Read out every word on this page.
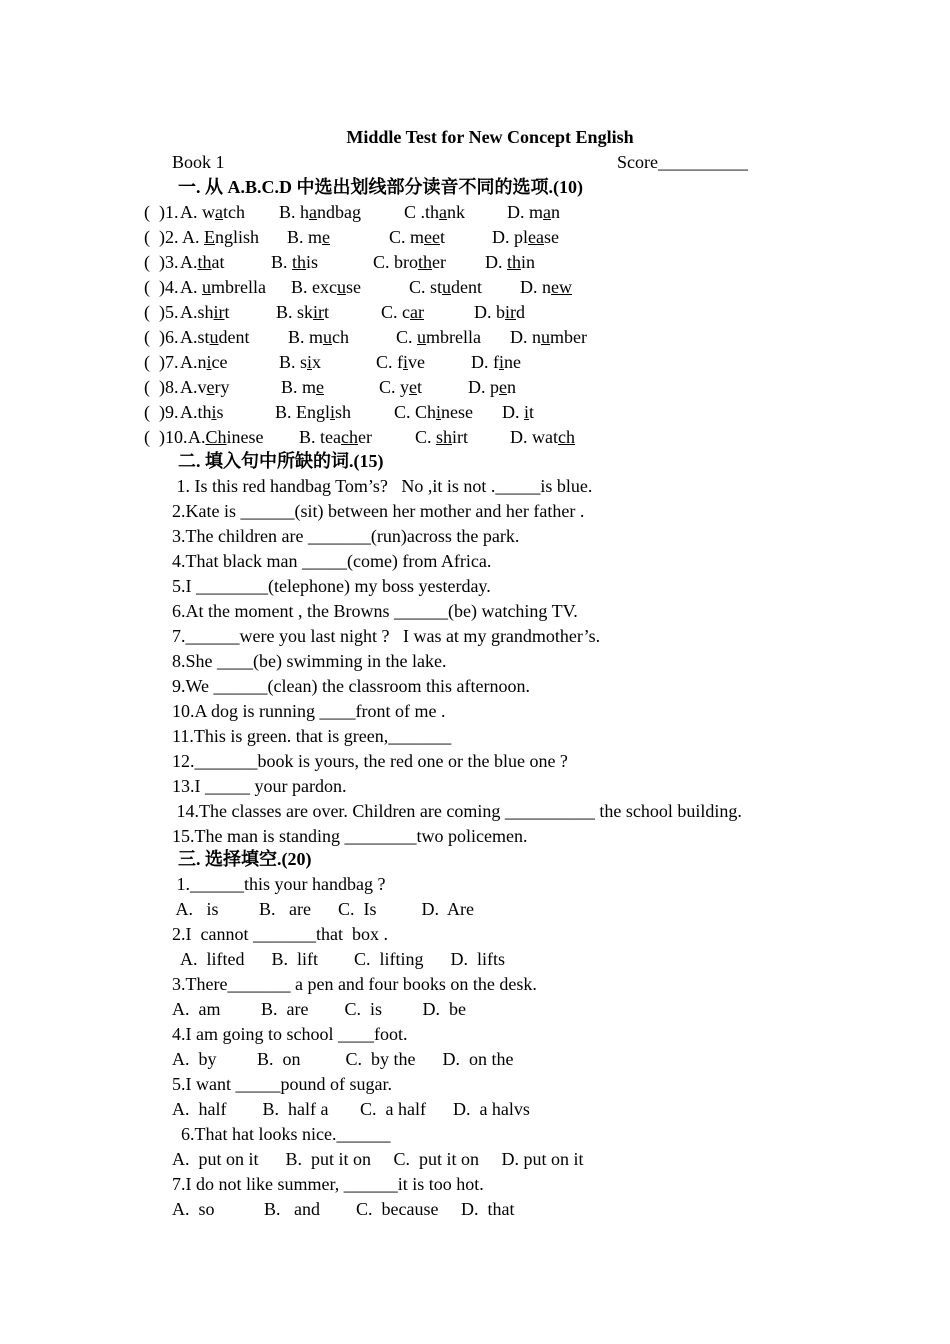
Middle Test for New Concept English
Book 1	Score__________
一. 从 A.B.C.D 中选出划线部分读音不同的选项.(10)
( )1. A. watch B. handbag C .thank D. man
( )2. A. English B. me	C. meet	D. please
( )3. A.that	B. this	C. brother D. thin
( )4. A. umbrella B. excuse	C. student D. new
( )5. A.shirt	B. skirt	C. car	D. bird
( )6. A.student B. much	C. umbrella D. number
( )7. A.nice	B. six	C. five	D. fine
( )8. A.very	B. me	C. yet	D. pen
( )9. A.this	B. English C. Chinese D. it
( )10. A.Chinese B. teacher C. shirt D. watch
二. 填入句中所缺的词.(15)
1. Is this red handbag Tom’s?   No ,it is not ._____is blue.
2.Kate is ______(sit) between her mother and her father .
3.The children are _______(run)across the park.
4.That black man _____(come) from Africa.
5.I ________(telephone) my boss yesterday.
6.At the moment , the Browns ______(be) watching TV.
7.______were you last night ?   I was at my grandmother’s.
8.She ____(be) swimming in the lake.
9.We ______(clean) the classroom this afternoon.
10.A dog is running ____front of me .
11.This is green. that is green,_______
12._______book is yours, the red one or the blue one ?
13.I _____ your pardon.
14.The classes are over. Children are coming __________ the school building.
15.The man is standing ________two policemen.
三. 选择填空.(20)
1.______this your handbag ?
A.   is         B.   are      C.  Is          D.  Are
2.I  cannot _______that  box .
A.  lifted      B.  lift        C.  lifting      D.  lifts
3.There_______ a pen and four books on the desk.
A.  am         B.  are        C.  is         D.  be
4.I am going to school ____foot.
A.  by         B.  on          C.  by the      D.  on the
5.I want _____pound of sugar.
A.  half        B.  half a       C.  a half      D.  a halvs
6.That hat looks nice.______
A.  put on it      B.  put it on     C.  put it on     D. put on it
7.I do not like summer, ______it is too hot.
A.  so           B.   and        C.  because     D.  that
